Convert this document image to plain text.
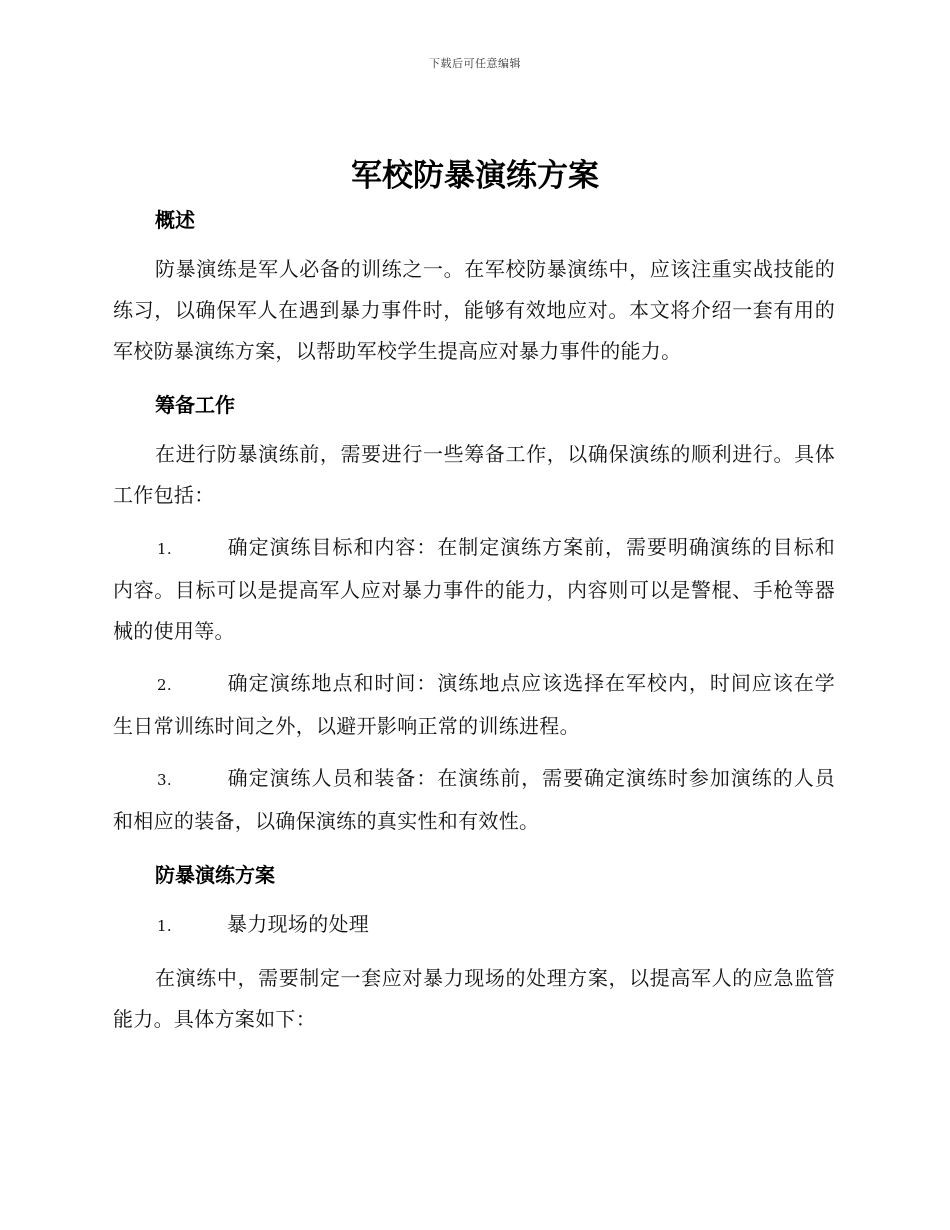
下载后可任意编辑
军校防暴演练方案
概述

防暴演练是军人必备的训练之一。在军校防暴演练中，应该注重实战技能的练习，以确保军人在遇到暴力事件时，能够有效地应对。本文将介绍一套有用的军校防暴演练方案，以帮助军校学生提高应对暴力事件的能力。

筹备工作

在进行防暴演练前，需要进行一些筹备工作，以确保演练的顺利进行。具体工作包括：

1.	确定演练目标和内容：在制定演练方案前，需要明确演练的目标和内容。目标可以是提高军人应对暴力事件的能力，内容则可以是警棍、手枪等器械的使用等。

2.	确定演练地点和时间：演练地点应该选择在军校内，时间应该在学生日常训练时间之外，以避开影响正常的训练进程。

3.	确定演练人员和装备：在演练前，需要确定演练时参加演练的人员和相应的装备，以确保演练的真实性和有效性。

防暴演练方案

1.	暴力现场的处理

在演练中，需要制定一套应对暴力现场的处理方案，以提高军人的应急监管能力。具体方案如下：
